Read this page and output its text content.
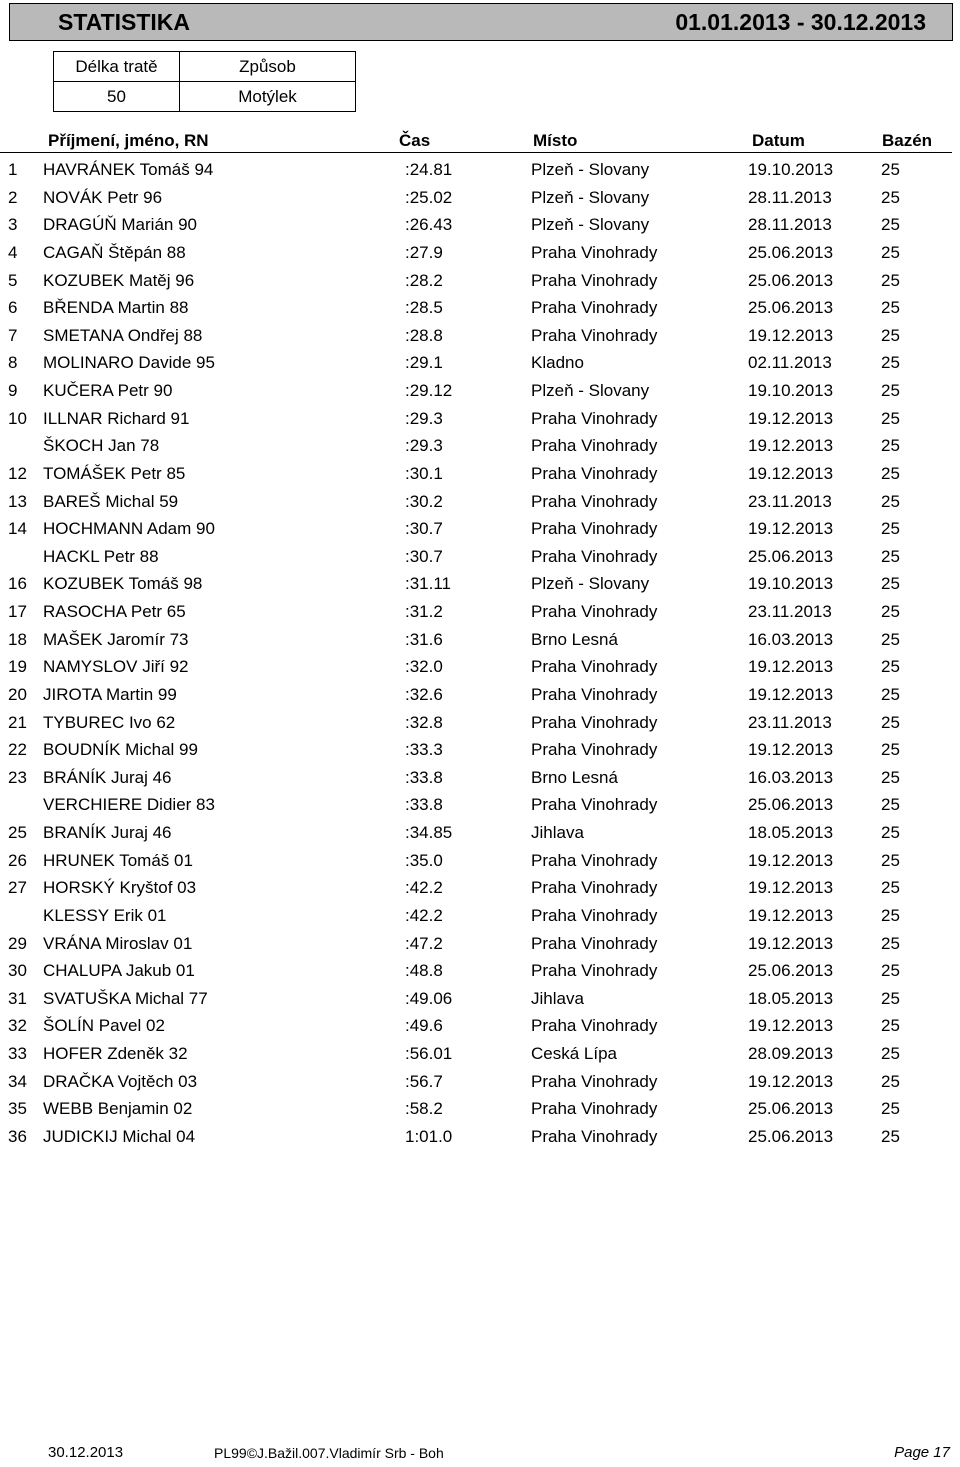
STATISTIKA	01.01.2013 - 30.12.2013
Délka tratě	Způsob
50	Motýlek
Příjmení, jméno, RN	Čas	Místo	Datum	Bazén
1 HAVRÁNEK Tomáš 94	:24.81	Plzeň - Slovany	19.10.2013	25
2 NOVÁK Petr 96	:25.02	Plzeň - Slovany	28.11.2013	25
3 DRAGÚŇ Marián 90	:26.43	Plzeň - Slovany	28.11.2013	25
4 CAGAŇ Štěpán 88	:27.9	Praha Vinohrady	25.06.2013	25
5 KOZUBEK Matěj 96	:28.2	Praha Vinohrady	25.06.2013	25
6 BŘENDA Martin 88	:28.5	Praha Vinohrady	25.06.2013	25
7 SMETANA Ondřej 88	:28.8	Praha Vinohrady	19.12.2013	25
8 MOLINARO Davide 95	:29.1	Kladno	02.11.2013	25
9 KUČERA Petr 90	:29.12	Plzeň - Slovany	19.10.2013	25
10 ILLNAR Richard 91	:29.3	Praha Vinohrady	19.12.2013	25
ŠKOCH Jan 78	:29.3	Praha Vinohrady	19.12.2013	25
12 TOMÁŠEK Petr 85	:30.1	Praha Vinohrady	19.12.2013	25
13 BAREŠ Michal 59	:30.2	Praha Vinohrady	23.11.2013	25
14 HOCHMANN Adam 90	:30.7	Praha Vinohrady	19.12.2013	25
HACKL Petr 88	:30.7	Praha Vinohrady	25.06.2013	25
16 KOZUBEK Tomáš 98	:31.11	Plzeň - Slovany	19.10.2013	25
17 RASOCHA Petr 65	:31.2	Praha Vinohrady	23.11.2013	25
18 MAŠEK Jaromír 73	:31.6	Brno Lesná	16.03.2013	25
19 NAMYSLOV Jiří 92	:32.0	Praha Vinohrady	19.12.2013	25
20 JIROTA Martin 99	:32.6	Praha Vinohrady	19.12.2013	25
21 TYBUREC Ivo 62	:32.8	Praha Vinohrady	23.11.2013	25
22 BOUDNÍK Michal 99	:33.3	Praha Vinohrady	19.12.2013	25
23 BRÁNÍK Juraj 46	:33.8	Brno Lesná	16.03.2013	25
VERCHIERE Didier 83	:33.8	Praha Vinohrady	25.06.2013	25
25 BRANÍK Juraj 46	:34.85	Jihlava	18.05.2013	25
26 HRUNEK Tomáš 01	:35.0	Praha Vinohrady	19.12.2013	25
27 HORSKÝ Kryštof 03	:42.2	Praha Vinohrady	19.12.2013	25
KLESSY Erik 01	:42.2	Praha Vinohrady	19.12.2013	25
29 VRÁNA Miroslav 01	:47.2	Praha Vinohrady	19.12.2013	25
30 CHALUPA Jakub 01	:48.8	Praha Vinohrady	25.06.2013	25
31 SVATUŠKA Michal 77	:49.06	Jihlava	18.05.2013	25
32 ŠOLÍN Pavel 02	:49.6	Praha Vinohrady	19.12.2013	25
33 HOFER Zdeněk 32	:56.01	Ceská Lípa	28.09.2013	25
34 DRAČKA Vojtěch 03	:56.7	Praha Vinohrady	19.12.2013	25
35 WEBB Benjamin 02	:58.2	Praha Vinohrady	25.06.2013	25
36 JUDICKIJ Michal 04	1:01.0	Praha Vinohrady	25.06.2013	25
30.12.2013	PL99©J.Bažil.007.Vladimír Srb - Boh	Page 17
